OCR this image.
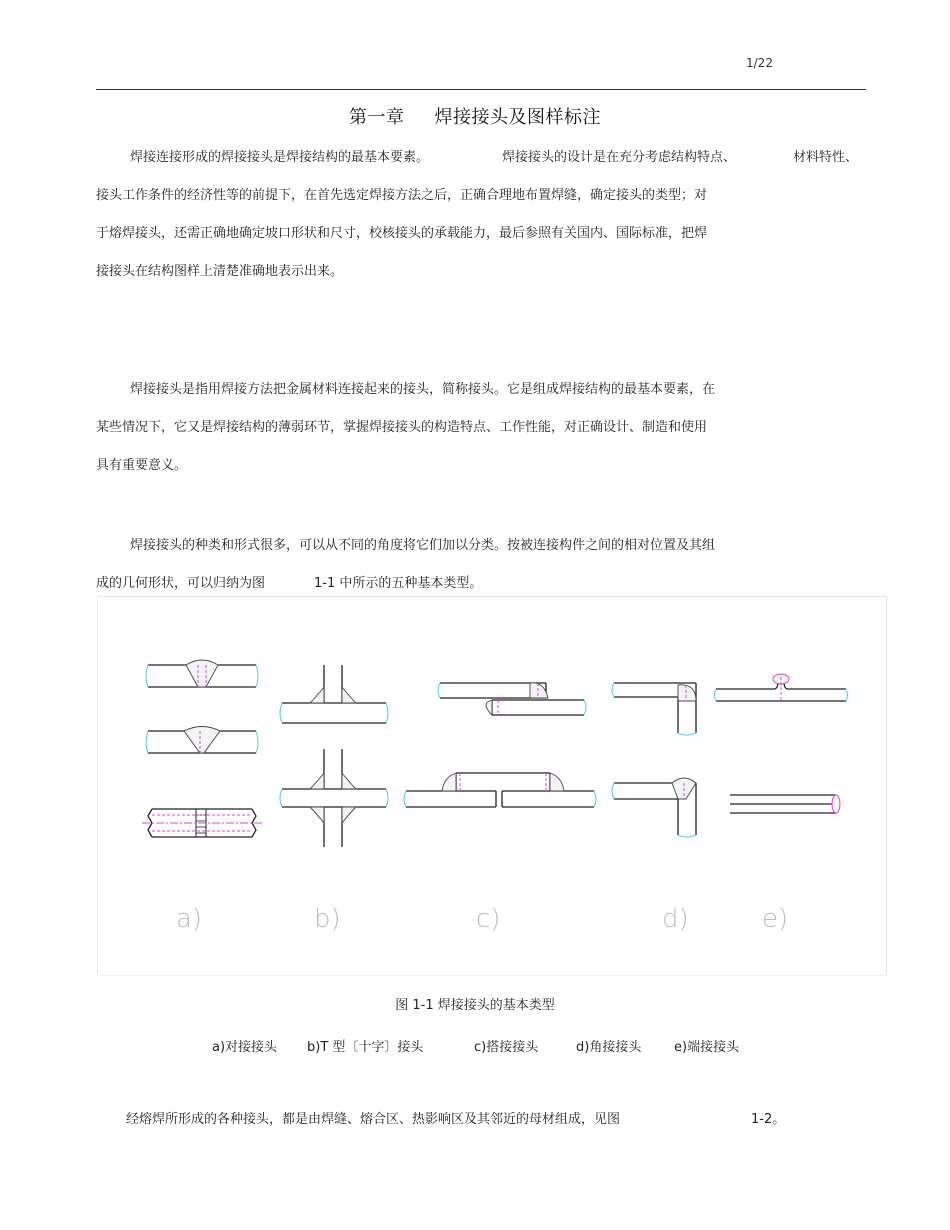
1/22
第一章 焊接接头及图样标注
焊接连接形成的焊接接头是焊接结构的最基本要素。	焊接接头的设计是在充分考虑结构特点、	材料特性、
接头工作条件的经济性等的前提下，在首先选定焊接方法之后，正确合理地布置焊缝，确定接头的类型；对
于熔焊接头，还需正确地确定坡口形状和尺寸，校核接头的承载能力，最后参照有关国内、国际标准，把焊
接接头在结构图样上清楚准确地表示出来。
焊接接头是指用焊接方法把金属材料连接起来的接头，简称接头。它是组成焊接结构的最基本要素，在
某些情况下，它又是焊接结构的薄弱环节，掌握焊接接头的构造特点、工作性能，对正确设计、制造和使用
具有重要意义。
焊接接头的种类和形式很多，可以从不同的角度将它们加以分类。按被连接构件之间的相对位置及其组
成的几何形状，可以归纳为图	1-1 中所示的五种基本类型。
a)	b)	c)	d)	e)
图 1-1 焊接接头的基本类型
a)对接接头 b)T 型〔十字〕接头	c)搭接接头	d)角接接头	e)端接接头
经熔焊所形成的各种接头，都是由焊缝、熔合区、热影响区及其邻近的母材组成，见图	1-2。
